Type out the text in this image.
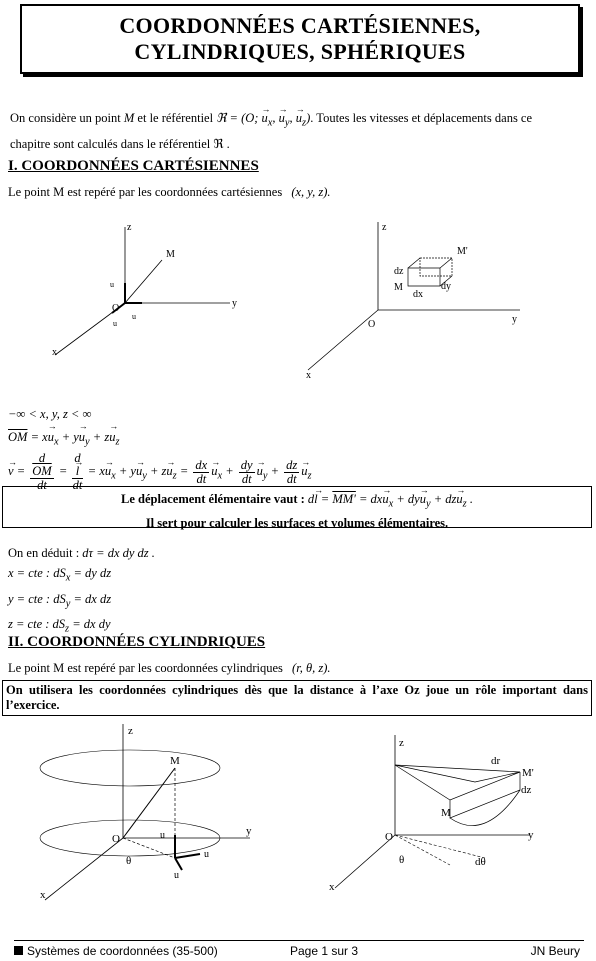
COORDONNÉES CARTÉSIENNES,
CYLINDRIQUES, SPHÉRIQUES
On considère un point M et le référentiel ℜ = (O; → $u_x$, → $u_y$, → $u_z$). Toutes les vitesses et déplacements dans ce
chapitre sont calculés dans le référentiel ℜ .
I. COORDONNÉES CARTÉSIENNES
Le point M est repéré par les coordonnées cartésiennes (x, y, z).
z
M
O	y
x
u
u
u
z
M'
dz
M
dx
dy
O	y
x
−∞ < x, y, z < ∞
$\overline{OM} = x\to u_x + y\to u_y + z\to u_z$
→ v = d
$\overline{OM}$
dt = d
→ l
dt = $x\to u_x + y\to u_y + z\to u_z = \frac{dx}{dt} \to u_x + \frac{dy}{dt} \to u_y + \frac{dz}{dt} \to u_z$
Le déplacement élémentaire vaut : $d\to l = MM' = dx\to u_x + dy\to u_y + dz\to u_z$ .
Il sert pour calculer les surfaces et volumes élémentaires.
On en déduit : dτ = dx dy dz .
x = cte : $dS_x$ = dy dz
y = cte : $dS_y$ = dx dz
z = cte : $dS_z$ = dx dy
II. COORDONNÉES CYLINDRIQUES
Le point M est repéré par les coordonnées cylindriques (r, θ, z).
On utilisera les coordonnées cylindriques dès que la distance à l’axe Oz joue un rôle important dans l’exercice.
z
M
O
y
x
θ
u
u
u
z
dr
M'
dz
M
O	y
x
θ	dθ
Systèmes de coordonnées (35-500)	Page 1 sur 3	JN Beury
